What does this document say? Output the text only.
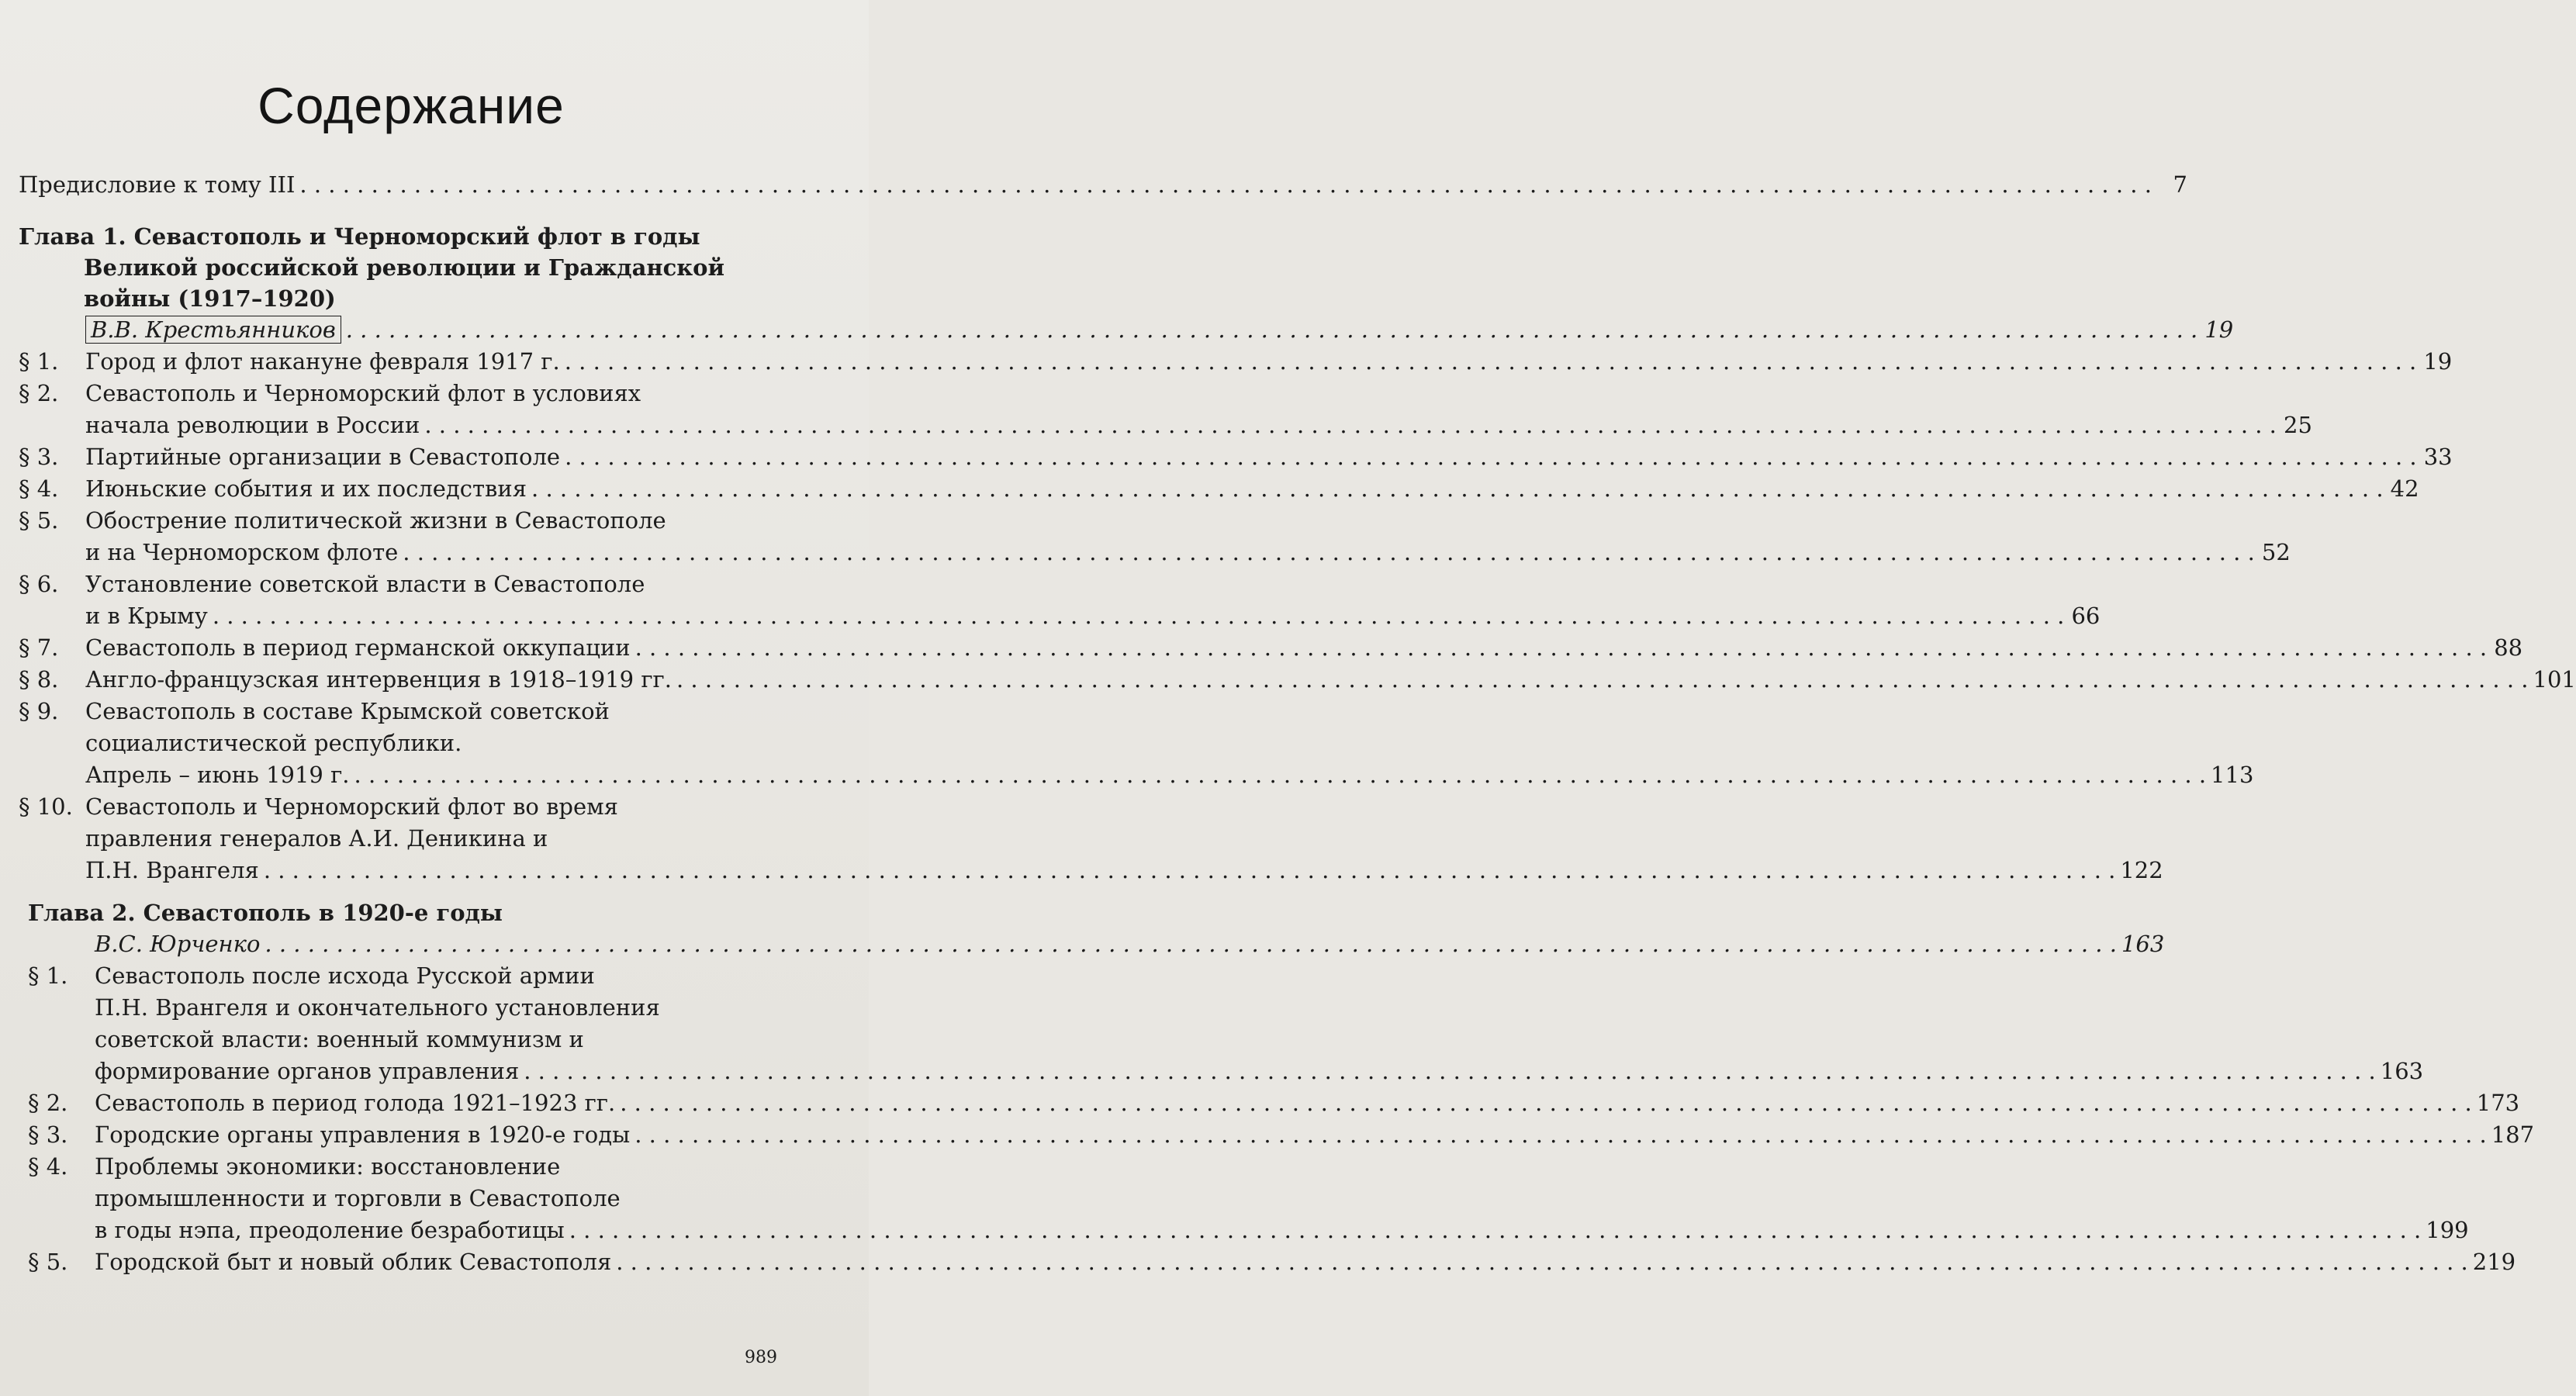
Содержание
Предисловие к тому III . . .	7
Глава 1. Севастополь и Черноморский флот в годы
Великой российской революции и Гражданской
войны (1917–1920)
В.В. Крестьянников . . .	19
§ 1.	Город и флот накануне февраля 1917 г. . . .	19
§ 2.	Севастополь и Черноморский флот в условиях
начала революции в России . . .	25
§ 3.	Партийные организации в Севастополе . . .	33
§ 4.	Июньские события и их последствия . . .	42
§ 5.	Обострение политической жизни в Севастополе
и на Черноморском флоте . . .	52
§ 6.	Установление советской власти в Севастополе
и в Крыму . . .	66
§ 7.	Севастополь в период германской оккупации . . .	88
§ 8.	Англо-французская интервенция в 1918–1919 гг. . . .	101
§ 9.	Севастополь в составе Крымской советской
социалистической республики.
Апрель – июнь 1919 г. . . .	113
§ 10. Севастополь и Черноморский флот во время
правления генералов А.И. Деникина и
П.Н. Врангеля . . .	122
Глава 2. Севастополь в 1920-е годы
В.С. Юрченко . . .	163
§ 1.	Севастополь после исхода Русской армии
П.Н. Врангеля и окончательного установления
советской власти: военный коммунизм и
формирование органов управления . . .	163
§ 2.	Севастополь в период голода 1921–1923 гг. . . .	173
§ 3.	Городские органы управления в 1920-е годы . . .	187
§ 4.	Проблемы экономики: восстановление
промышленности и торговли в Севастополе
в годы нэпа, преодоление безработицы . . .	199
§ 5.	Городской быт и новый облик Севастополя . . .	219
989
